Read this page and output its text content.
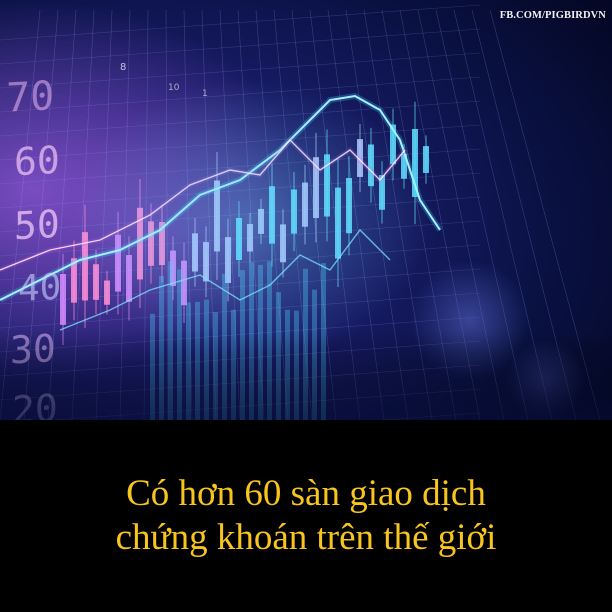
70
60
50
40
8
10
1
FB.COM/PIGBIRDVN
Có hơn 60 sàn giao dịch
chứng khoán trên thế giới
